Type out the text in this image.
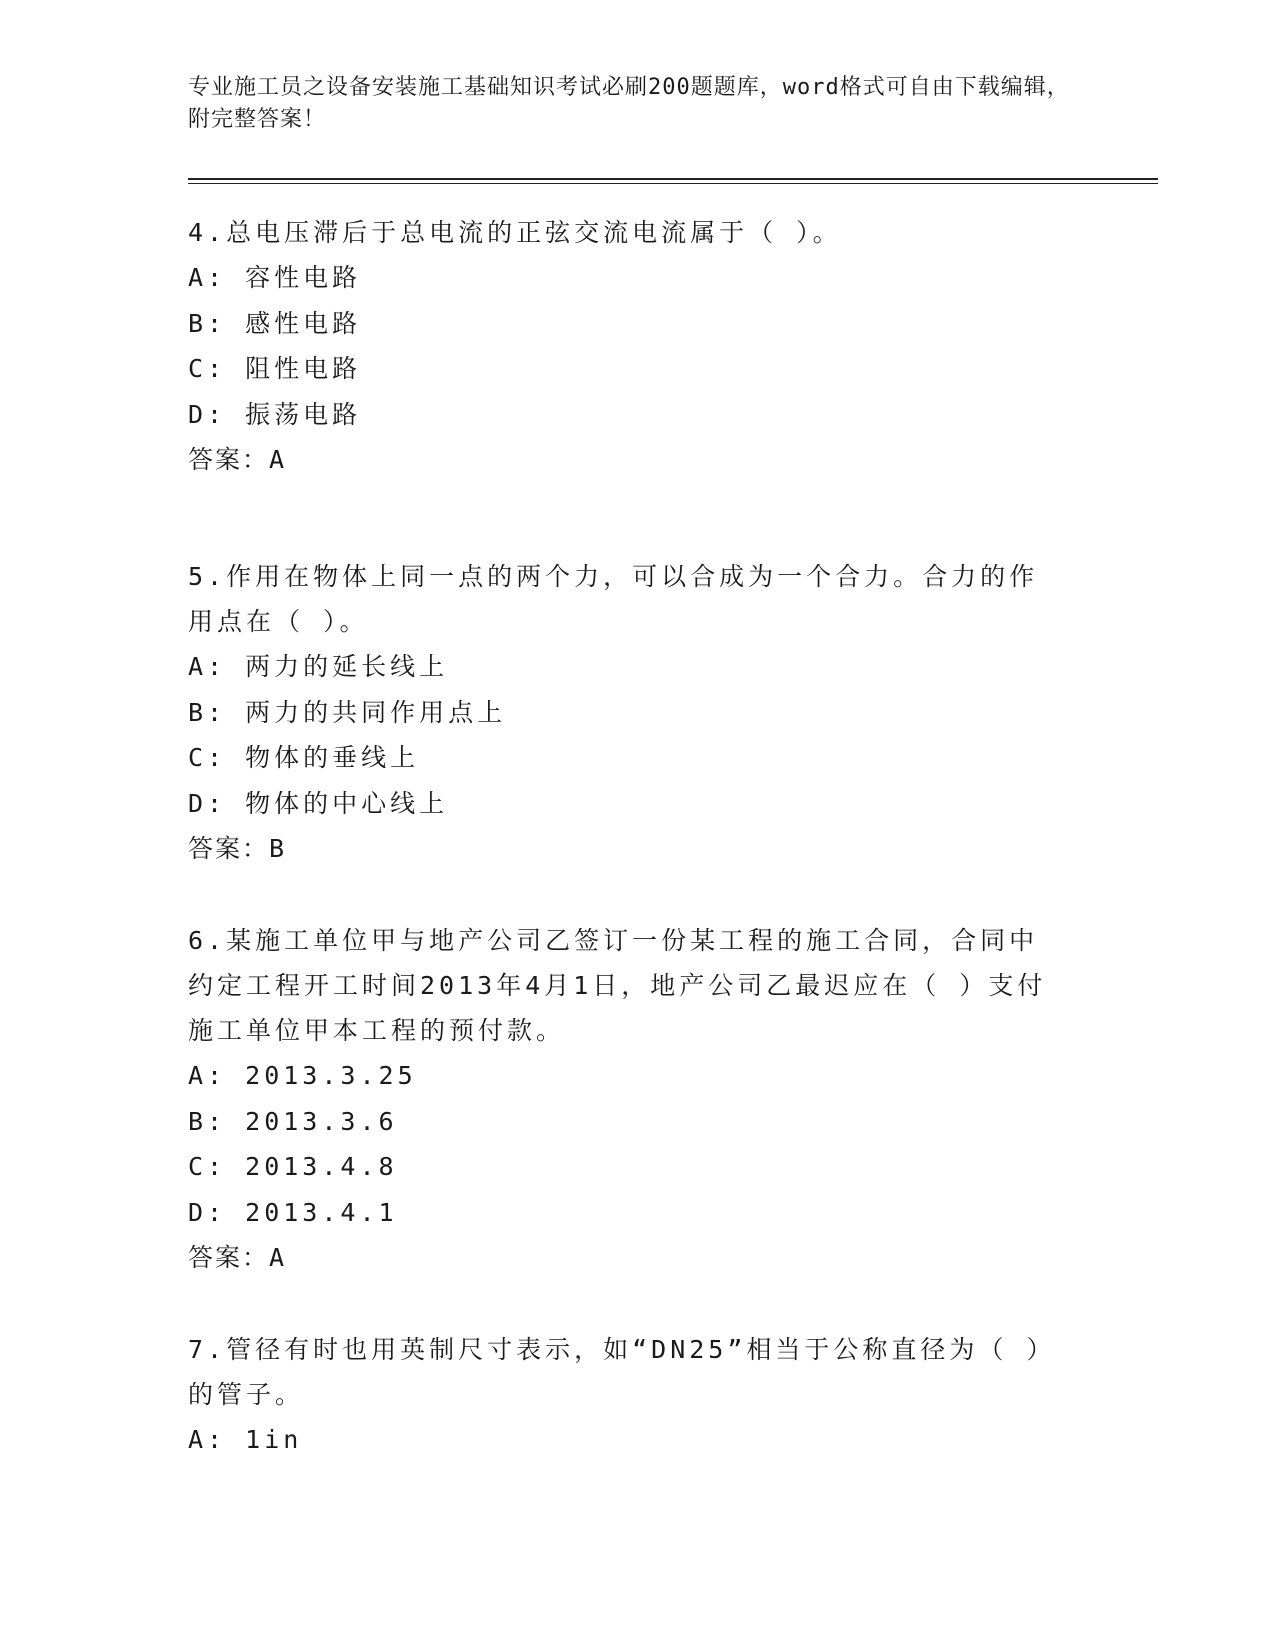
专业施工员之设备安装施工基础知识考试必刷200题题库，word格式可自由下载编辑，附完整答案！
4.总电压滞后于总电流的正弦交流电流属于（ ）。
A: 容性电路
B: 感性电路
C: 阻性电路
D: 振荡电路
答案：A
5.作用在物体上同一点的两个力，可以合成为一个合力。合力的作用点在（ ）。
A: 两力的延长线上
B: 两力的共同作用点上
C: 物体的垂线上
D: 物体的中心线上
答案：B
6.某施工单位甲与地产公司乙签订一份某工程的施工合同，合同中约定工程开工时间2013年4月1日，地产公司乙最迟应在（ ）支付施工单位甲本工程的预付款。
A: 2013.3.25
B: 2013.3.6
C: 2013.4.8
D: 2013.4.1
答案：A
7.管径有时也用英制尺寸表示，如“DN25”相当于公称直径为（ ）的管子。
A: 1in
